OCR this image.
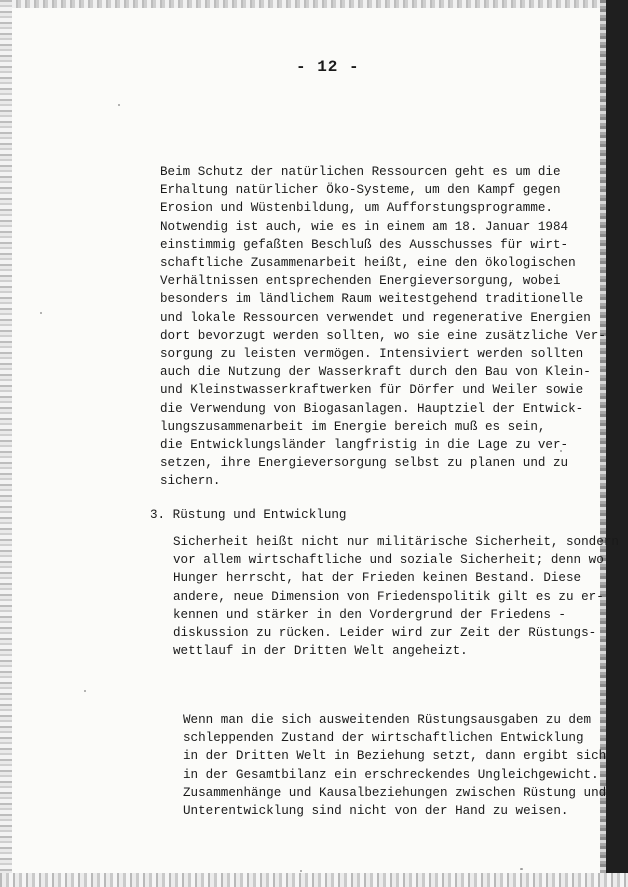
- 12 -
Beim Schutz der natürlichen Ressourcen geht es um die
Erhaltung natürlicher Öko-Systeme, um den Kampf gegen
Erosion und Wüstenbildung, um Aufforstungsprogramme.
Notwendig ist auch, wie es in einem am 18. Januar 1984
einstimmig gefaßten Beschluß des Ausschusses für wirt-
schaftliche Zusammenarbeit heißt, eine den ökologischen
Verhältnissen entsprechenden Energieversorgung, wobei
besonders im ländlichem Raum weitestgehend traditionelle
und lokale Ressourcen verwendet und regenerative Energien
dort bevorzugt werden sollten, wo sie eine zusätzliche Ver-
sorgung zu leisten vermögen. Intensiviert werden sollten
auch die Nutzung der Wasserkraft durch den Bau von Klein-
und Kleinstwasserkraftwerken für Dörfer und Weiler sowie
die Verwendung von Biogasanlagen. Hauptziel der Entwick-
lungszusammenarbeit im Energie bereich muß es sein,
die Entwicklungsländer langfristig in die Lage zu ver-
setzen, ihre Energieversorgung selbst zu planen und zu
sichern.
3. Rüstung und Entwicklung
Sicherheit heißt nicht nur militärische Sicherheit, sondern
vor allem wirtschaftliche und soziale Sicherheit; denn wo
Hunger herrscht, hat der Frieden keinen Bestand. Diese
andere, neue Dimension von Friedenspolitik gilt es zu er-
kennen und stärker in den Vordergrund der Friedens -
diskussion zu rücken. Leider wird zur Zeit der Rüstungs-
wettlauf in der Dritten Welt angeheizt.
Wenn man die sich ausweitenden Rüstungsausgaben zu dem
schleppenden Zustand der wirtschaftlichen Entwicklung
in der Dritten Welt in Beziehung setzt, dann ergibt sich
in der Gesamtbilanz ein erschreckendes Ungleichgewicht.
Zusammenhänge und Kausalbeziehungen zwischen Rüstung und
Unterentwicklung sind nicht von der Hand zu weisen.
